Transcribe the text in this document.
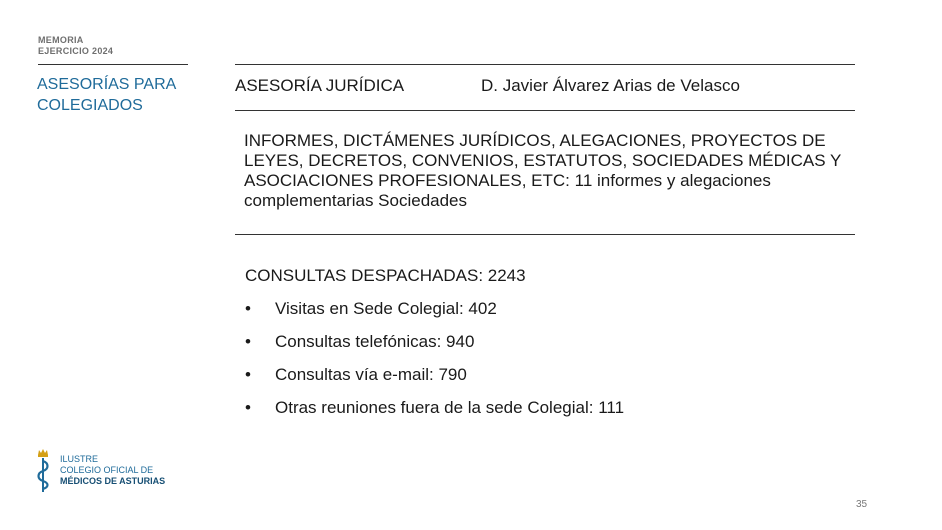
MEMORIA
EJERCICIO 2024
ASESORÍAS PARA
COLEGIADOS
ASESORÍA JURÍDICA	D. Javier Álvarez Arias de Velasco
INFORMES, DICTÁMENES JURÍDICOS, ALEGACIONES, PROYECTOS DE LEYES, DECRETOS, CONVENIOS, ESTATUTOS, SOCIEDADES MÉDICAS Y ASOCIACIONES PROFESIONALES, ETC: 11 informes y alegaciones complementarias Sociedades
CONSULTAS DESPACHADAS: 2243
•	Visitas en Sede Colegial: 402
•	Consultas telefónicas: 940
•	Consultas vía e-mail: 790
•	Otras reuniones fuera de la sede Colegial: 111
ILUSTRE
COLEGIO OFICIAL DE
MÉDICOS DE ASTURIAS
35
